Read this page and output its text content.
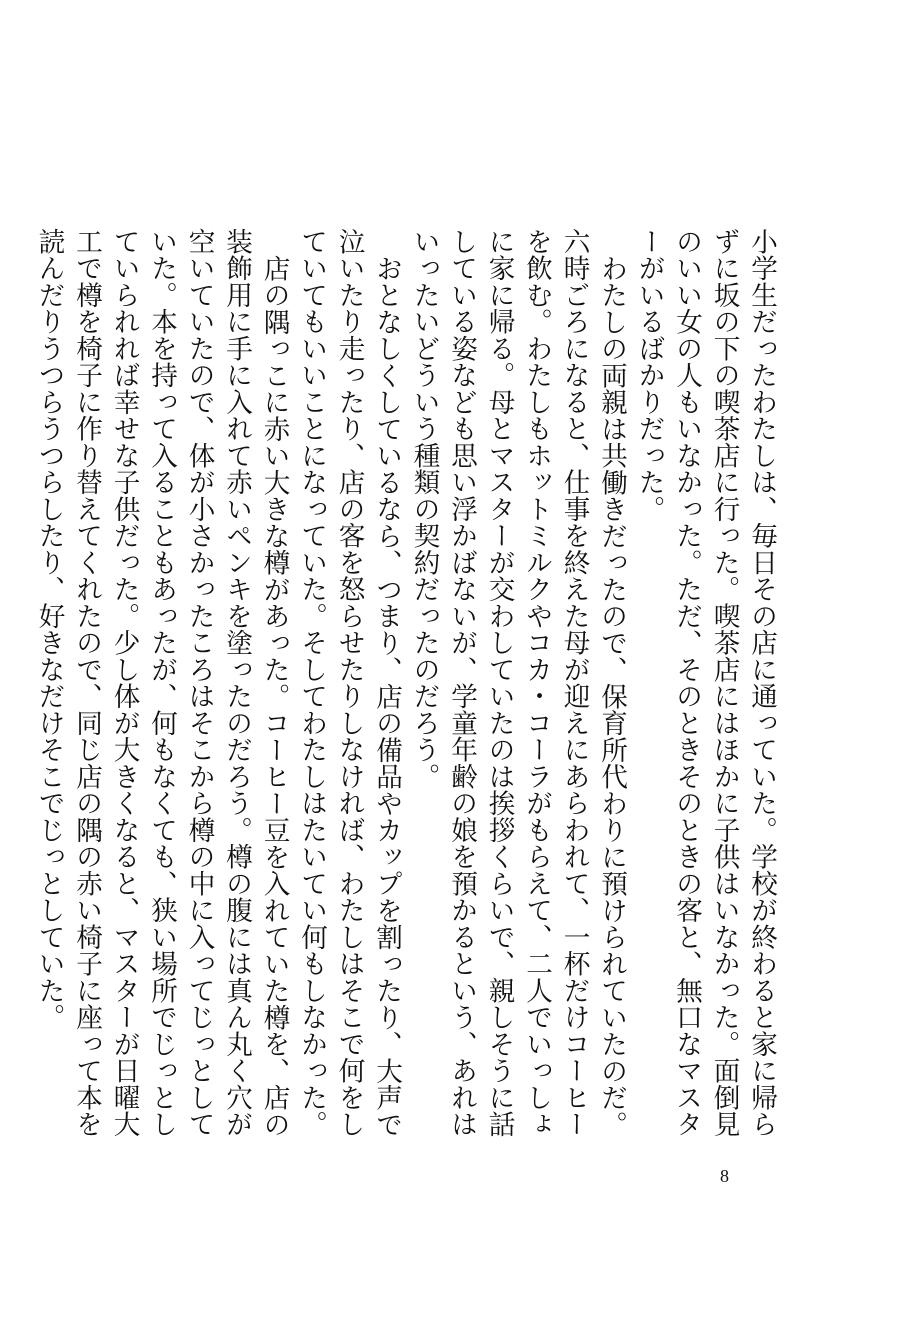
小学生だったわたしは、毎日その店に通っていた。学校が終わると家に帰らずに坂の下の喫茶店に行った。喫茶店にはほかに子供はいなかった。面倒見のいい女の人もいなかった。ただ、そのときそのときの客と、無口なマスターがいるばかりだった。

わたしの両親は共働きだったので、保育所代わりに預けられていたのだ。六時ごろになると、仕事を終えた母が迎えにあらわれて、一杯だけコーヒーを飲む。わたしもホットミルクやコカ・コーラがもらえて、二人でいっしょに家に帰る。母とマスターが交わしていたのは挨拶くらいで、親しそうに話している姿なども思い浮かばないが、学童年齢の娘を預かるという、あれはいったいどういう種類の契約だったのだろう。

おとなしくしているなら、つまり、店の備品やカップを割ったり、大声で泣いたり走ったり、店の客を怒らせたりしなければ、わたしはそこで何をしていてもいいことになっていた。そしてわたしはたいてい何もしなかった。

店の隅っこに赤い大きな樽があった。コーヒー豆を入れていた樽を、店の装飾用に手に入れて赤いペンキを塗ったのだろう。樽の腹には真ん丸く穴が空いていたので、体が小さかったころはそこから樽の中に入ってじっとしていた。本を持って入ることもあったが、何もなくても、狭い場所でじっとしていられれば幸せな子供だった。少し体が大きくなると、マスターが日曜大工で樽を椅子に作り替えてくれたので、同じ店の隅の赤い椅子に座って本を読んだりうつらうつらしたり、好きなだけそこでじっとしていた。

8
